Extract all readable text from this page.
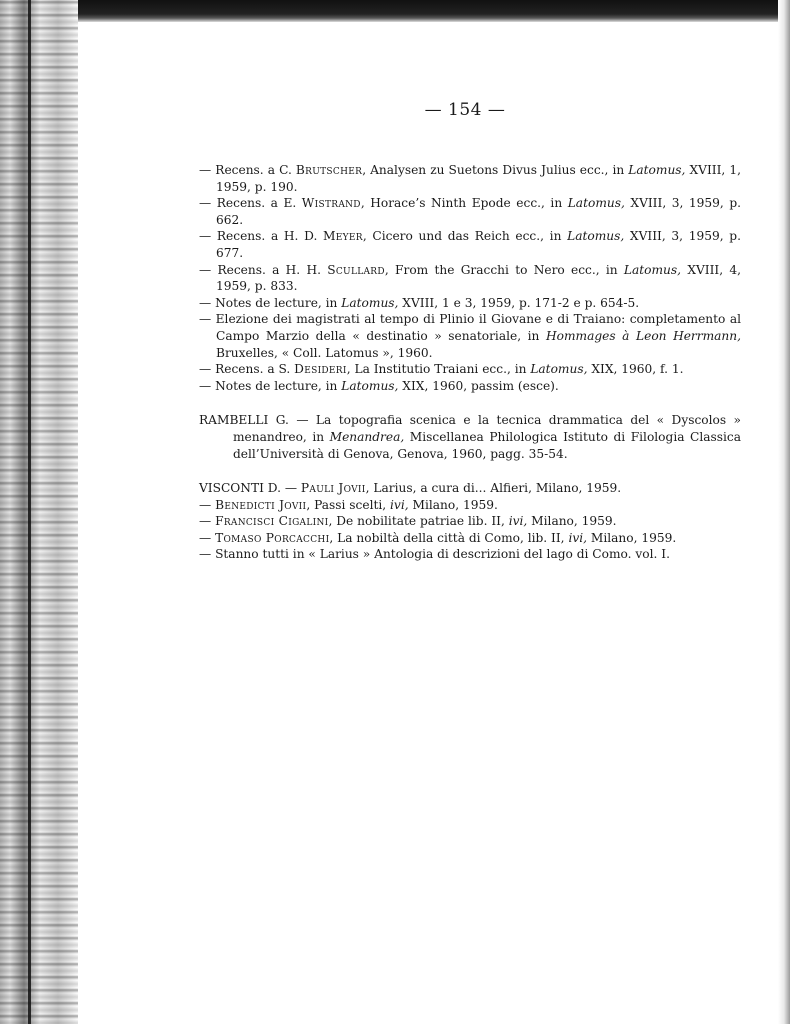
— 154 —

— Recens. a C. Brutscher, Analysen zu Suetons Divus Julius ecc., in Latomus, XVIII, 1, 1959, p. 190.

— Recens. a E. Wistrand, Horace’s Ninth Epode ecc., in Latomus, XVIII, 3, 1959, p. 662.

— Recens. a H. D. Meyer, Cicero und das Reich ecc., in Latomus, XVIII, 3, 1959, p. 677.

— Recens. a H. H. Scullard, From the Gracchi to Nero ecc., in Latomus, XVIII, 4, 1959, p. 833.

— Notes de lecture, in Latomus, XVIII, 1 e 3, 1959, p. 171-2 e p. 654-5.

— Elezione dei magistrati al tempo di Plinio il Giovane e di Traiano: completamento al Campo Marzio della « destinatio » senatoriale, in Hommages à Leon Herrmann, Bruxelles, « Coll. Latomus », 1960.

— Recens. a S. Desideri, La Institutio Traiani ecc., in Latomus, XIX, 1960, f. 1.

— Notes de lecture, in Latomus, XIX, 1960, passim (esce).

RAMBELLI G. — La topografia scenica e la tecnica drammatica del « Dyscolos » menandreo, in Menandrea, Miscellanea Philologica Istituto di Filologia Classica dell’Università di Genova, Genova, 1960, pagg. 35-54.

VISCONTI D. — Pauli Jovii, Larius, a cura di... Alfieri, Milano, 1959.

— Benedicti Jovii, Passi scelti, ivi, Milano, 1959.

— Francisci Cigalini, De nobilitate patriae lib. II, ivi, Milano, 1959.

— Tomaso Porcacchi, La nobiltà della città di Como, lib. II, ivi, Milano, 1959.

— Stanno tutti in « Larius » Antologia di descrizioni del lago di Como. vol. I.
